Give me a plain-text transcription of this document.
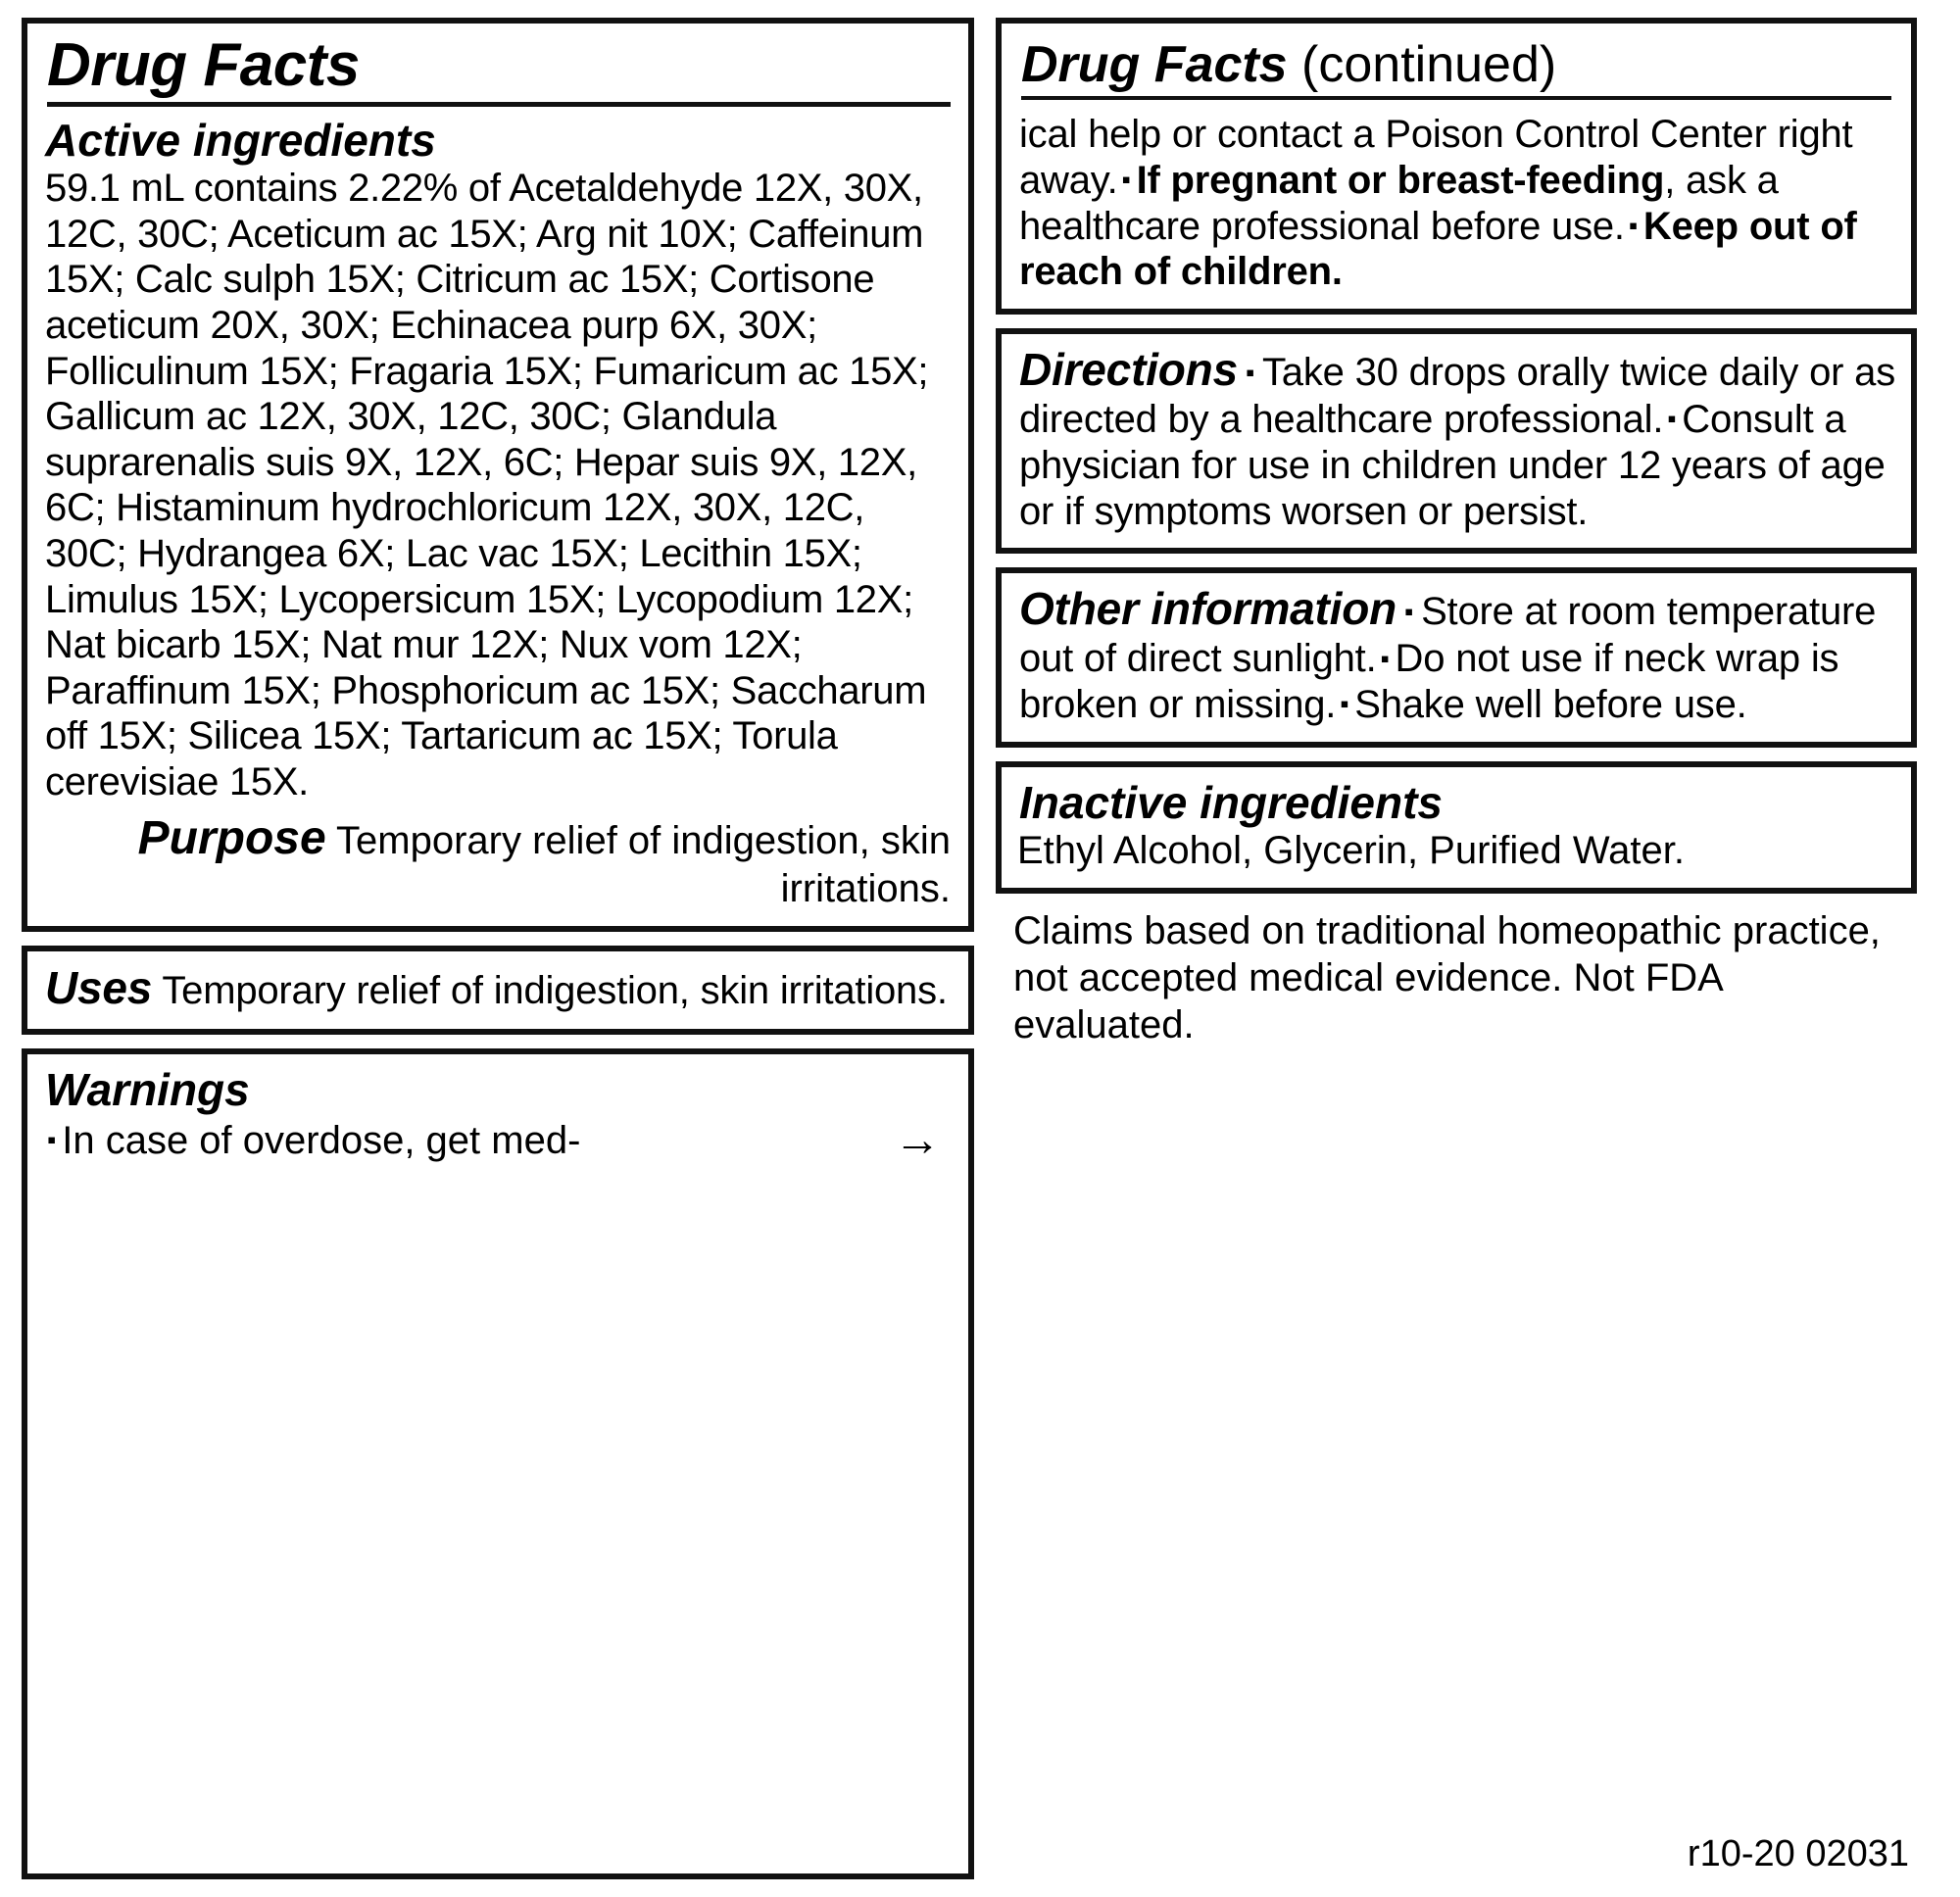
Drug Facts
Active ingredients
59.1 mL contains 2.22% of Acetaldehyde 12X, 30X, 12C, 30C; Aceticum ac 15X; Arg nit 10X; Caffeinum 15X; Calc sulph 15X; Citricum ac 15X; Cortisone aceticum 20X, 30X; Echinacea purp 6X, 30X; Folliculinum 15X; Fragaria 15X; Fumaricum ac 15X; Gallicum ac 12X, 30X, 12C, 30C; Glandula suprarenalis suis 9X, 12X, 6C; Hepar suis 9X, 12X, 6C; Histaminum hydrochloricum 12X, 30X, 12C, 30C; Hydrangea 6X; Lac vac 15X; Lecithin 15X; Limulus 15X; Lycopersicum 15X; Lycopodium 12X; Nat bicarb 15X; Nat mur 12X; Nux vom 12X; Paraffinum 15X; Phosphoricum ac 15X; Saccharum off 15X; Silicea 15X; Tartaricum ac 15X; Torula cerevisiae 15X.
Purpose Temporary relief of indigestion, skin irritations.
Uses Temporary relief of indigestion, skin irritations.
Warnings
▪ In case of overdose, get med-	→
Drug Facts (continued)
ical help or contact a Poison Control Center right away. ▪ If pregnant or breast-feeding, ask a healthcare professional before use. ▪ Keep out of reach of children.
Directions ▪ Take 30 drops orally twice daily or as directed by a healthcare professional. ▪ Consult a physician for use in children under 12 years of age or if symptoms worsen or persist.
Other information ▪ Store at room temperature out of direct sunlight. ▪ Do not use if neck wrap is broken or missing. ▪ Shake well before use.
Inactive ingredients
Ethyl Alcohol, Glycerin, Purified Water.
Claims based on traditional homeopathic practice, not accepted medical evidence. Not FDA evaluated.
r10-20 02031
